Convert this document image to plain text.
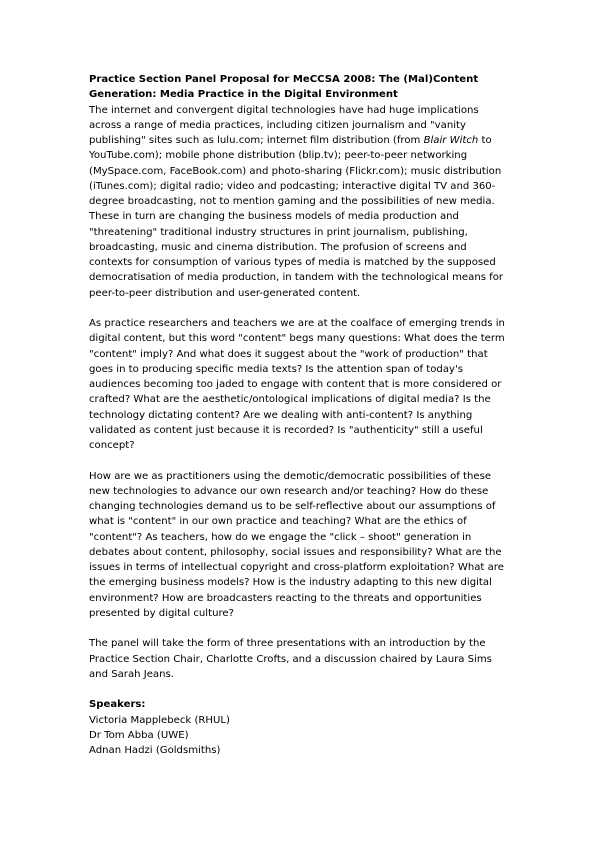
Practice Section Panel Proposal for MeCCSA 2008: The (Mal)Content Generation: Media Practice in the Digital Environment

The internet and convergent digital technologies have had huge implications across a range of media practices, including citizen journalism and "vanity publishing" sites such as lulu.com; internet film distribution (from Blair Witch to YouTube.com); mobile phone distribution (blip.tv); peer-to-peer networking (MySpace.com, FaceBook.com) and photo-sharing (Flickr.com); music distribution (iTunes.com); digital radio; video and podcasting; interactive digital TV and 360-degree broadcasting, not to mention gaming and the possibilities of new media. These in turn are changing the business models of media production and "threatening" traditional industry structures in print journalism, publishing, broadcasting, music and cinema distribution. The profusion of screens and contexts for consumption of various types of media is matched by the supposed democratisation of media production, in tandem with the technological means for peer-to-peer distribution and user-generated content.

As practice researchers and teachers we are at the coalface of emerging trends in digital content, but this word "content" begs many questions: What does the term "content" imply? And what does it suggest about the "work of production" that goes in to producing specific media texts? Is the attention span of today's audiences becoming too jaded to engage with content that is more considered or crafted? What are the aesthetic/ontological implications of digital media? Is the technology dictating content? Are we dealing with anti-content? Is anything validated as content just because it is recorded? Is "authenticity" still a useful concept?

How are we as practitioners using the demotic/democratic possibilities of these new technologies to advance our own research and/or teaching? How do these changing technologies demand us to be self-reflective about our assumptions of what is "content" in our own practice and teaching? What are the ethics of "content"? As teachers, how do we engage the "click – shoot" generation in debates about content, philosophy, social issues and responsibility? What are the issues in terms of intellectual copyright and cross-platform exploitation? What are the emerging business models? How is the industry adapting to this new digital environment? How are broadcasters reacting to the threats and opportunities presented by digital culture?

The panel will take the form of three presentations with an introduction by the Practice Section Chair, Charlotte Crofts, and a discussion chaired by Laura Sims and Sarah Jeans.

Speakers:
Victoria Mapplebeck (RHUL)
Dr Tom Abba (UWE)
Adnan Hadzi (Goldsmiths)
